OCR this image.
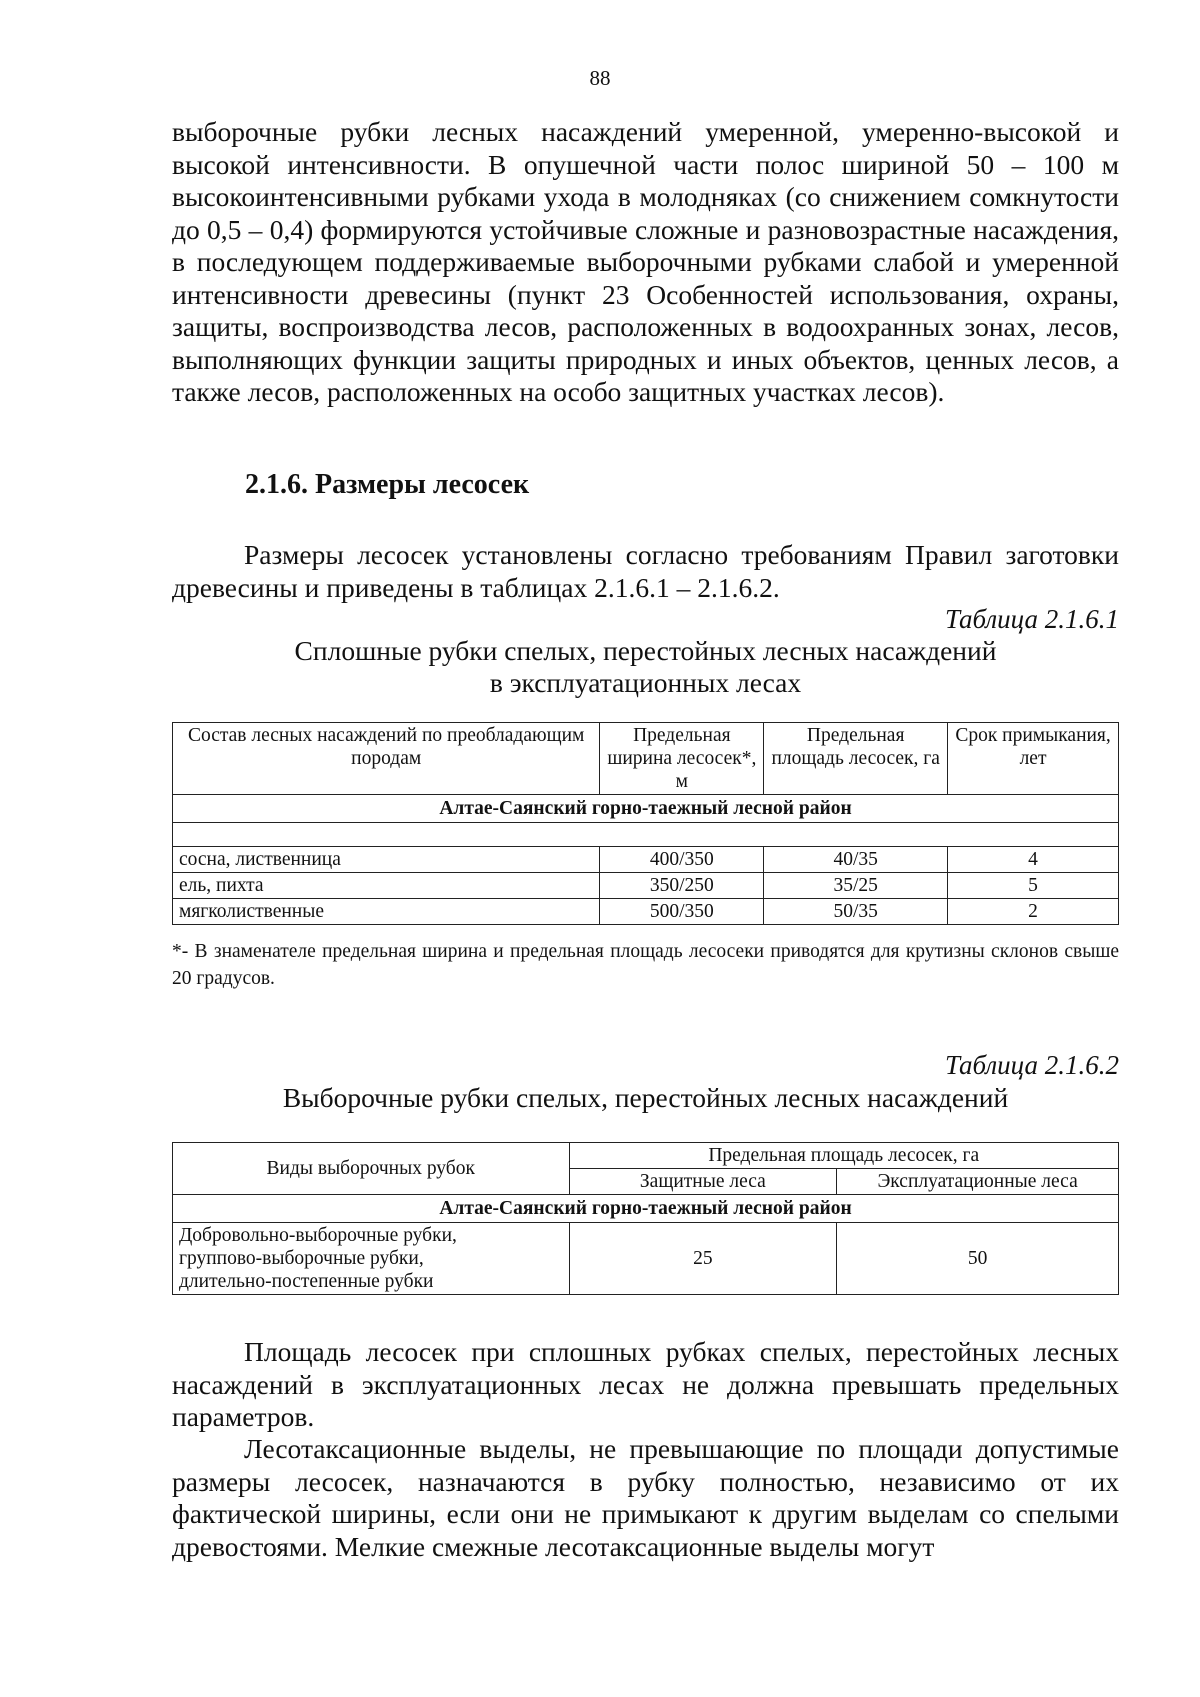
88
выборочные рубки лесных насаждений умеренной, умеренно-высокой и высокой интенсивности. В опушечной части полос шириной 50 – 100 м высокоинтенсивными рубками ухода в молодняках (со снижением сомкнутости до 0,5 – 0,4) формируются устойчивые сложные и разновозрастные насаждения, в последующем поддерживаемые выборочными рубками слабой и умеренной интенсивности древесины (пункт 23 Особенностей использования, охраны, защиты, воспроизводства лесов, расположенных в водоохранных зонах, лесов, выполняющих функции защиты природных и иных объектов, ценных лесов, а также лесов, расположенных на особо защитных участках лесов).
2.1.6. Размеры лесосек
Размеры лесосек установлены согласно требованиям Правил заготовки древесины и приведены в таблицах 2.1.6.1 – 2.1.6.2.
Таблица 2.1.6.1
Сплошные рубки спелых, перестойных лесных насаждений
в эксплуатационных лесах
Состав лесных насаждений по преобладающим породам	Предельная ширина лесосек*, м	Предельная площадь лесосек, га	Срок примыкания, лет
Алтае-Саянский горно-таежный лесной район			

сосна, лиственница	400/350	40/35	4
ель, пихта	350/250	35/25	5
мягколиственные	500/350	50/35	2
*- В знаменателе предельная ширина и предельная площадь лесосеки приводятся для крутизны склонов свыше 20 градусов.
Таблица 2.1.6.2
Выборочные рубки спелых, перестойных лесных насаждений
Виды выборочных рубок	Предельная площадь лесосек, га	
	Защитные леса	Эксплуатационные леса
Алтае-Саянский горно-таежный лесной район		

Добровольно-выборочные рубки,
группово-выборочные рубки,
длительно-постепенные рубки	25	50
Площадь лесосек при сплошных рубках спелых, перестойных лесных насаждений в эксплуатационных лесах не должна превышать предельных параметров.
Лесотаксационные выделы, не превышающие по площади допустимые размеры лесосек, назначаются в рубку полностью, независимо от их фактической ширины, если они не примыкают к другим выделам со спелыми древостоями. Мелкие смежные лесотаксационные выделы могут
